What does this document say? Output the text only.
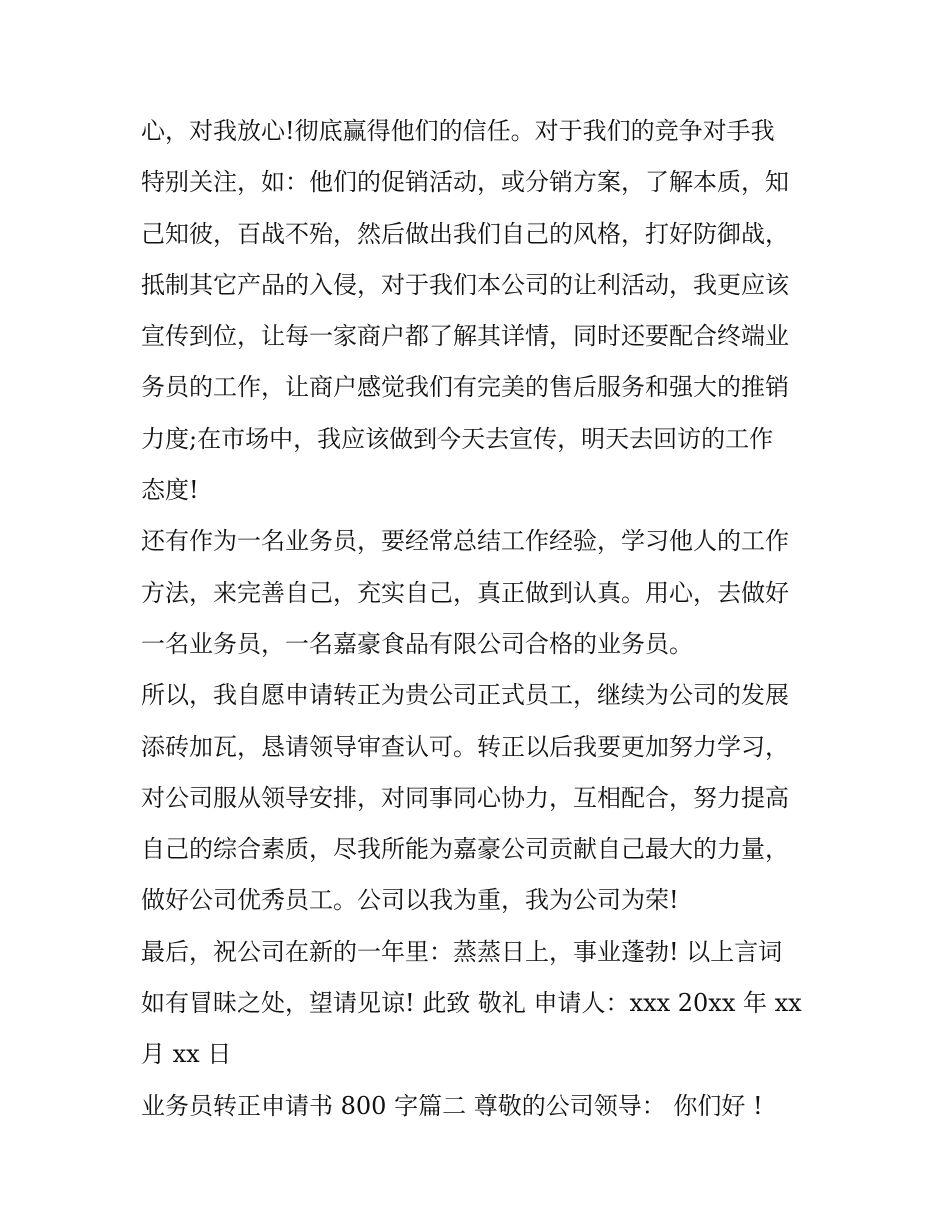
心，对我放心!彻底赢得他们的信任。对于我们的竞争对手我
特别关注，如：他们的促销活动，或分销方案，了解本质，知
己知彼，百战不殆，然后做出我们自己的风格，打好防御战，
抵制其它产品的入侵，对于我们本公司的让利活动，我更应该
宣传到位，让每一家商户都了解其详情，同时还要配合终端业
务员的工作，让商户感觉我们有完美的售后服务和强大的推销
力度;在市场中，我应该做到今天去宣传，明天去回访的工作
态度!
还有作为一名业务员，要经常总结工作经验，学习他人的工作
方法，来完善自己，充实自己，真正做到认真。用心，去做好
一名业务员，一名嘉豪食品有限公司合格的业务员。
所以，我自愿申请转正为贵公司正式员工，继续为公司的发展
添砖加瓦，恳请领导审查认可。转正以后我要更加努力学习，
对公司服从领导安排，对同事同心协力，互相配合，努力提高
自己的综合素质，尽我所能为嘉豪公司贡献自己最大的力量，
做好公司优秀员工。公司以我为重，我为公司为荣!
最后，祝公司在新的一年里：蒸蒸日上，事业蓬勃! 以上言词
如有冒昧之处，望请见谅! 此致 敬礼 申请人：xxx 20xx 年 xx
月 xx 日
业务员转正申请书 800 字篇二 尊敬的公司领导： 你们好 !
